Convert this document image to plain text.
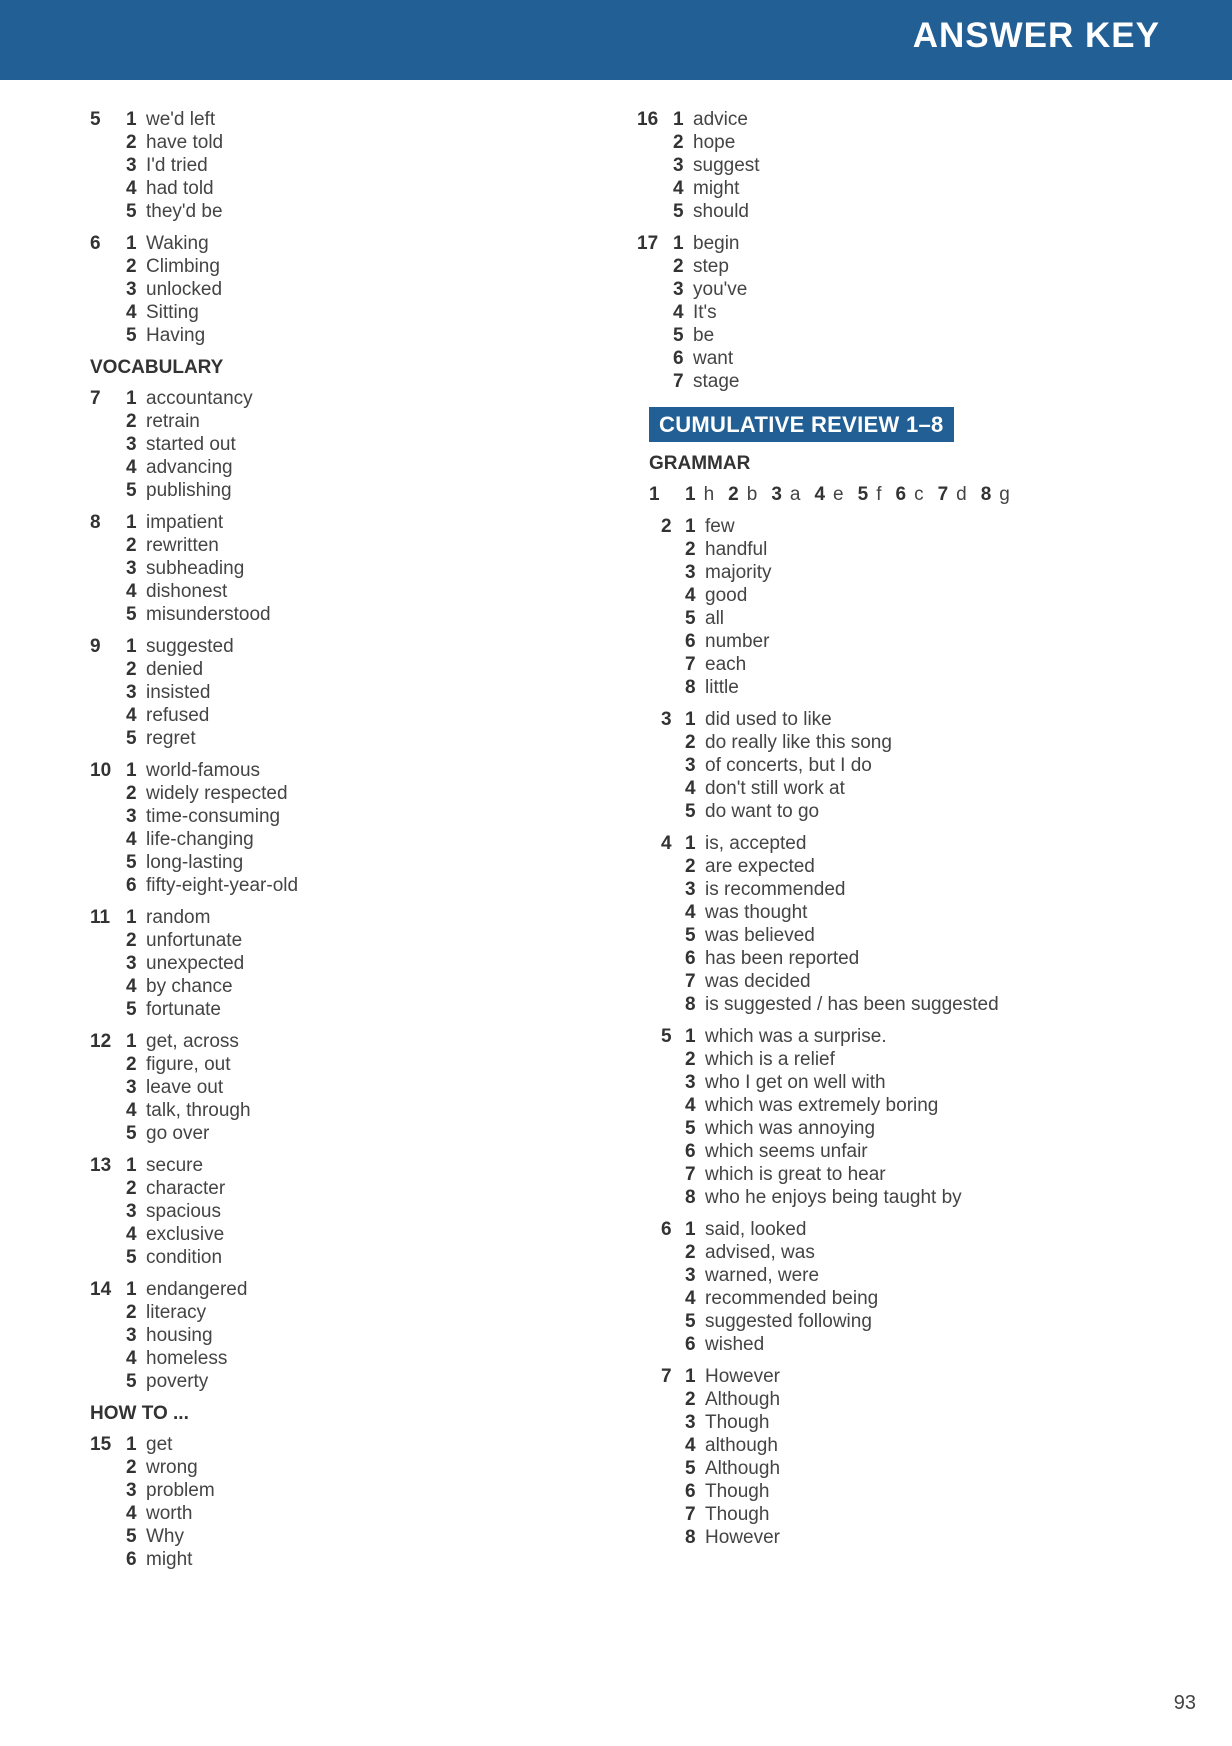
ANSWER KEY
5 1 we'd left
2 have told
3 I'd tried
4 had told
5 they'd be
6 1 Waking
2 Climbing
3 unlocked
4 Sitting
5 Having
VOCABULARY
7 1 accountancy
2 retrain
3 started out
4 advancing
5 publishing
8 1 impatient
2 rewritten
3 subheading
4 dishonest
5 misunderstood
9 1 suggested
2 denied
3 insisted
4 refused
5 regret
10 1 world-famous
2 widely respected
3 time-consuming
4 life-changing
5 long-lasting
6 fifty-eight-year-old
11 1 random
2 unfortunate
3 unexpected
4 by chance
5 fortunate
12 1 get, across
2 figure, out
3 leave out
4 talk, through
5 go over
13 1 secure
2 character
3 spacious
4 exclusive
5 condition
14 1 endangered
2 literacy
3 housing
4 homeless
5 poverty
HOW TO ...
15 1 get
2 wrong
3 problem
4 worth
5 Why
6 might
16 1 advice
2 hope
3 suggest
4 might
5 should
17 1 begin
2 step
3 you've
4 It's
5 be
6 want
7 stage
CUMULATIVE REVIEW 1–8
GRAMMAR
1 1 h 2 b 3 a 4 e 5 f 6 c 7 d 8 g
2 1 few
2 handful
3 majority
4 good
5 all
6 number
7 each
8 little
3 1 did used to like
2 do really like this song
3 of concerts, but I do
4 don't still work at
5 do want to go
4 1 is, accepted
2 are expected
3 is recommended
4 was thought
5 was believed
6 has been reported
7 was decided
8 is suggested / has been suggested
5 1 which was a surprise.
2 which is a relief
3 who I get on well with
4 which was extremely boring
5 which was annoying
6 which seems unfair
7 which is great to hear
8 who he enjoys being taught by
6 1 said, looked
2 advised, was
3 warned, were
4 recommended being
5 suggested following
6 wished
7 1 However
2 Although
3 Though
4 although
5 Although
6 Though
7 Though
8 However
93
